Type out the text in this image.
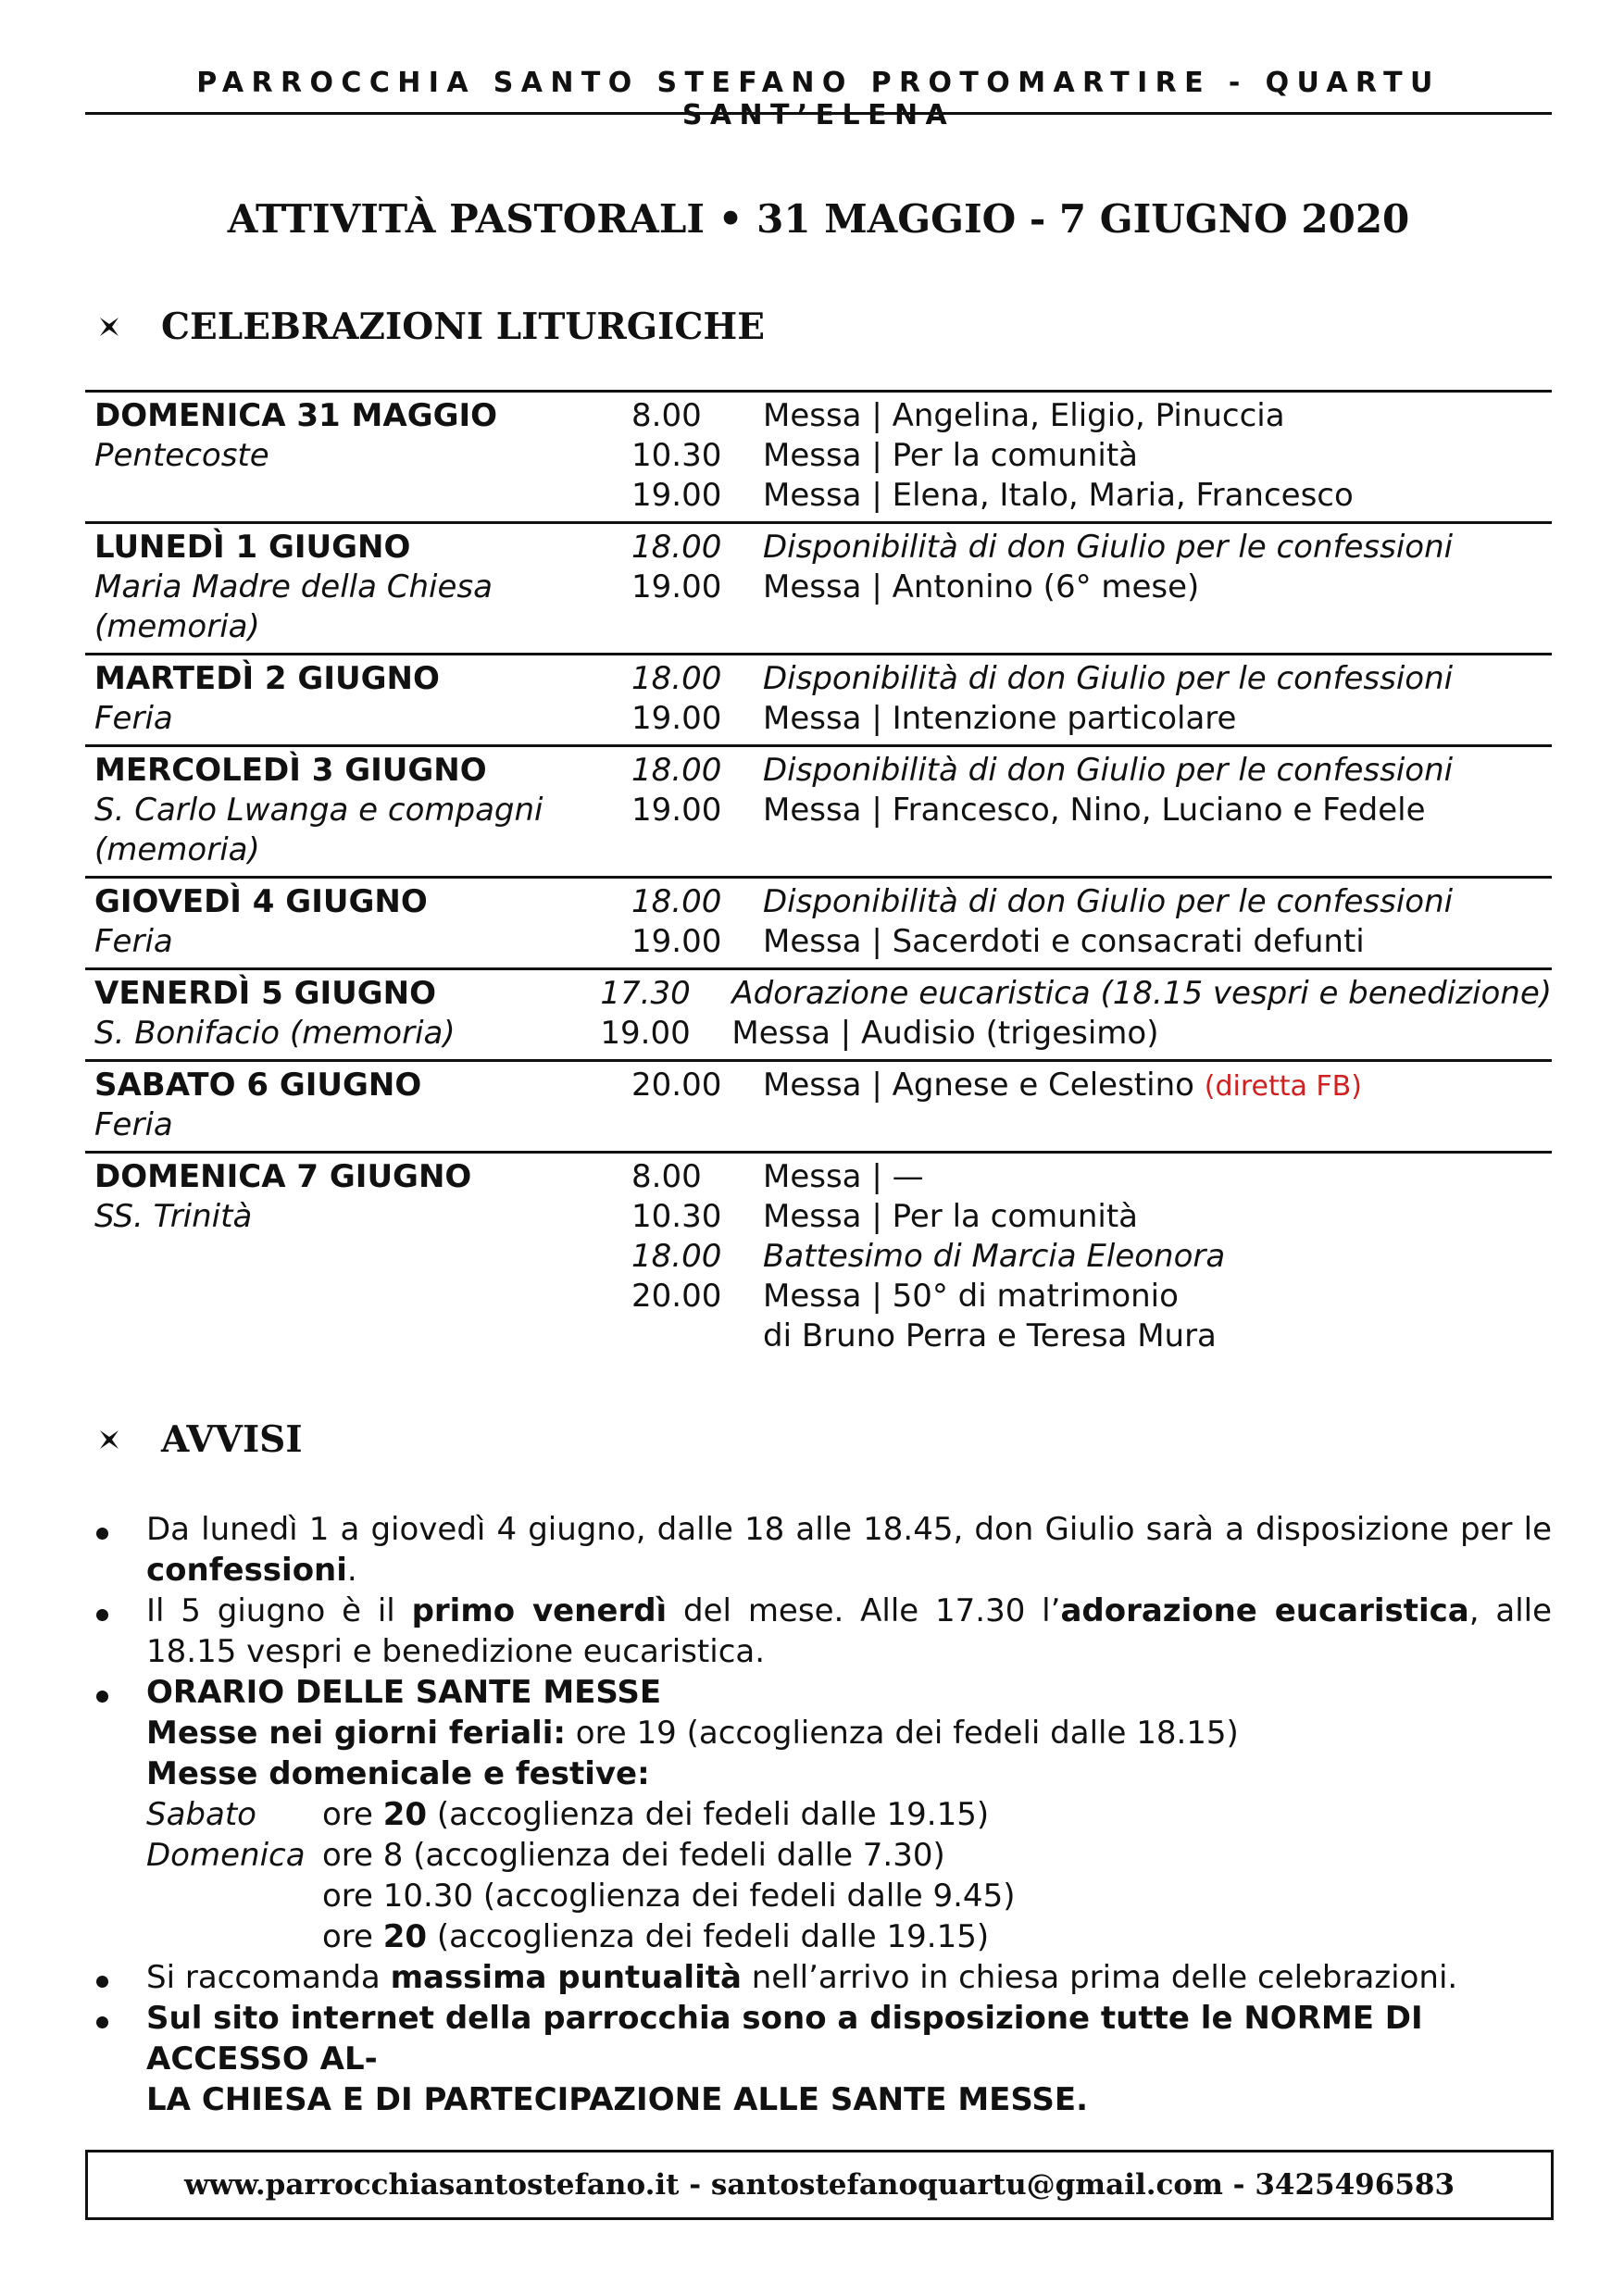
PARROCCHIA SANTO STEFANO PROTOMARTIRE - QUARTU SANT’ELENA
ATTIVITÀ PASTORALI • 31 MAGGIO - 7 GIUGNO 2020
CELEBRAZIONI LITURGICHE
DOMENICA 31 MAGGIO
Pentecoste
8.00	Messa | Angelina, Eligio, Pinuccia
10.30	Messa | Per la comunità
19.00	Messa | Elena, Italo, Maria, Francesco
LUNEDÌ 1 GIUGNO
Maria Madre della Chiesa
(memoria)
18.00	Disponibilità di don Giulio per le confessioni
19.00	Messa | Antonino (6° mese)
MARTEDÌ 2 GIUGNO
Feria
18.00	Disponibilità di don Giulio per le confessioni
19.00	Messa | Intenzione particolare
MERCOLEDÌ 3 GIUGNO
S. Carlo Lwanga e compagni
(memoria)
18.00	Disponibilità di don Giulio per le confessioni
19.00	Messa | Francesco, Nino, Luciano e Fedele
GIOVEDÌ 4 GIUGNO
Feria
18.00	Disponibilità di don Giulio per le confessioni
19.00	Messa | Sacerdoti e consacrati defunti
VENERDÌ 5 GIUGNO
S. Bonifacio (memoria)
17.30	Adorazione eucaristica (18.15 vespri e benedizione)
19.00	Messa | Audisio (trigesimo)
SABATO 6 GIUGNO
Feria
20.00	Messa | Agnese e Celestino (diretta FB)
DOMENICA 7 GIUGNO
SS. Trinità
8.00	Messa | —
10.30	Messa | Per la comunità
18.00	Battesimo di Marcia Eleonora
20.00	Messa | 50° di matrimonio
di Bruno Perra e Teresa Mura
AVVISI
Da lunedì 1 a giovedì 4 giugno, dalle 18 alle 18.45, don Giulio sarà a disposizione per le confessioni.
Il 5 giugno è il primo venerdì del mese. Alle 17.30 l’adorazione eucaristica, alle 18.15 vespri e benedizione eucaristica.
ORARIO DELLE SANTE MESSE
Messe nei giorni feriali: ore 19 (accoglienza dei fedeli dalle 18.15)
Messe domenicale e festive:
Sabato	ore 20 (accoglienza dei fedeli dalle 19.15)
Domenica ore 8 (accoglienza dei fedeli dalle 7.30)
ore 10.30 (accoglienza dei fedeli dalle 9.45)
ore 20 (accoglienza dei fedeli dalle 19.15)
Si raccomanda massima puntualità nell’arrivo in chiesa prima delle celebrazioni.
Sul sito internet della parrocchia sono a disposizione tutte le NORME DI ACCESSO AL-
LA CHIESA E DI PARTECIPAZIONE ALLE SANTE MESSE.
www.parrocchiasantostefano.it - santostefanoquartu@gmail.com - 3425496583
